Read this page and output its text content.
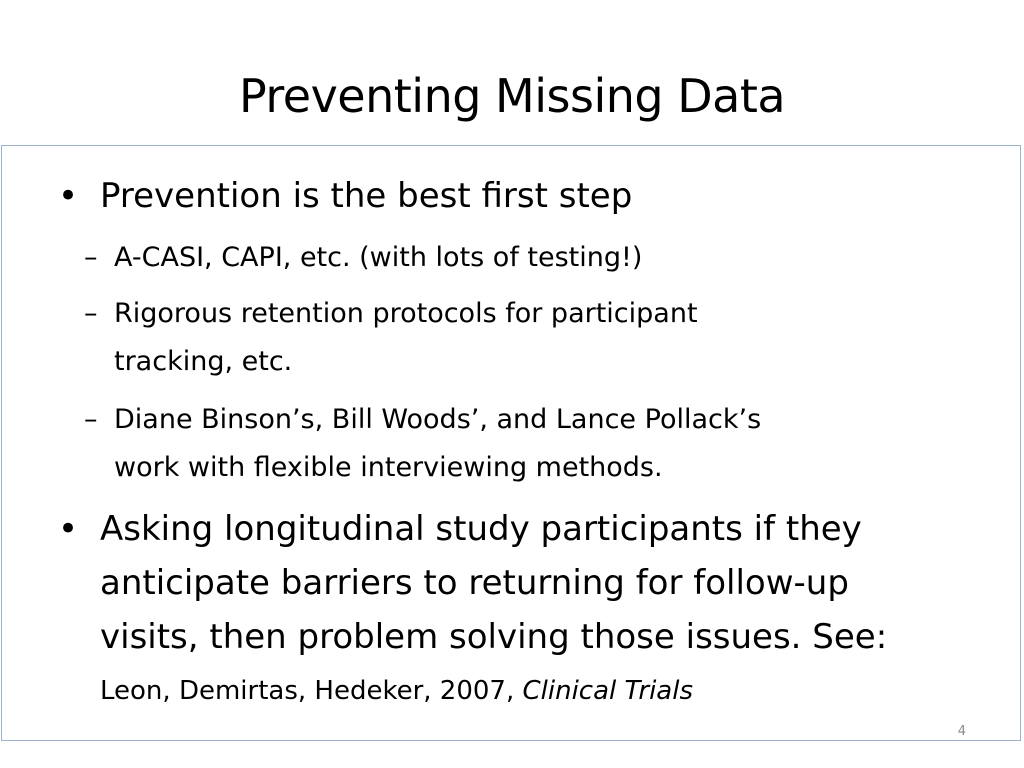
Preventing Missing Data
• Prevention is the best first step
– A-CASI, CAPI, etc. (with lots of testing!)
– Rigorous retention protocols for participant
tracking, etc.
– Diane Binson’s, Bill Woods’, and Lance Pollack’s
work with flexible interviewing methods.
• Asking longitudinal study participants if they
anticipate barriers to returning for follow-up
visits, then problem solving those issues. See:
Leon, Demirtas, Hedeker, 2007, Clinical Trials
4
